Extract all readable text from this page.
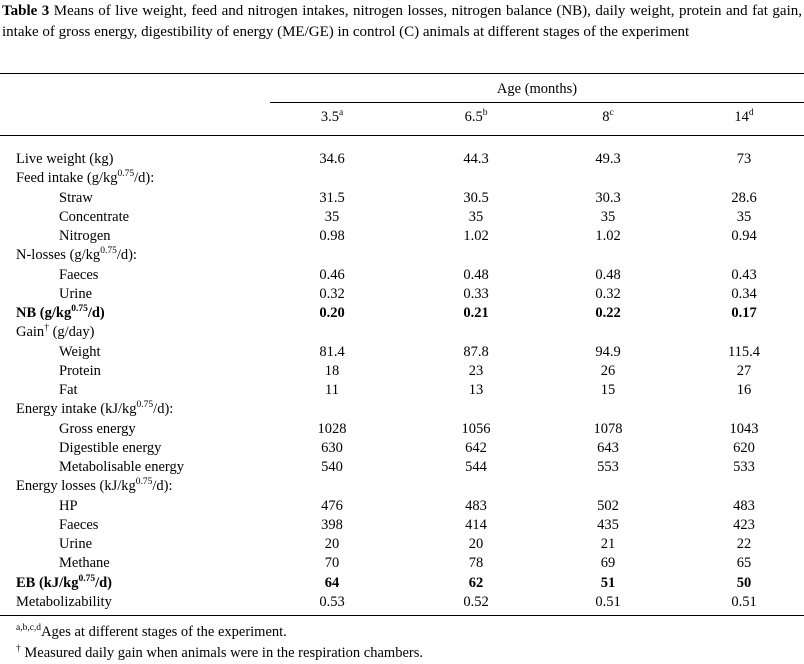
Table 3 Means of live weight, feed and nitrogen intakes, nitrogen losses, nitrogen balance (NB), daily weight, protein and fat gain, intake of gross energy, digestibility of energy (ME/GE) in control (C) animals at different stages of the experiment
Age (months)
3.5$^a$	6.5$^b$	8$^c$	14$^d$
Live weight (kg)	34.6	44.3	49.3	73
Feed intake $(g/kg^{0.75}/d)$:
Straw	31.5	30.5	30.3	28.6
Concentrate	35	35	35	35
Nitrogen	0.98	1.02	1.02	0.94
N-losses $(g/kg^{0.75}/d)$:
Faeces	0.46	0.48	0.48	0.43
Urine	0.32	0.33	0.32	0.34
NB $(g/kg^{0.75}/d)$	0.20	0.21	0.22	0.17
Gain† (g/day)
Weight	81.4	87.8	94.9	115.4
Protein	18	23	26	27
Fat	11	13	15	16
Energy intake $(kJ/kg^{0.75}/d)$:
Gross energy	1028	1056	1078	1043
Digestible energy	630	642	643	620
Metabolisable energy	540	544	553	533
Energy losses $(kJ/kg^{0.75}/d)$:
HP	476	483	502	483
Faeces	398	414	435	423
Urine	20	20	21	22
Methane	70	78	69	65
EB $(kJ/kg^{0.75}/d)$	64	62	51	50
Metabolizability	0.53	0.52	0.51	0.51
$^{a,b,c,d}$Ages at different stages of the experiment.
† Measured daily gain when animals were in the respiration chambers.
